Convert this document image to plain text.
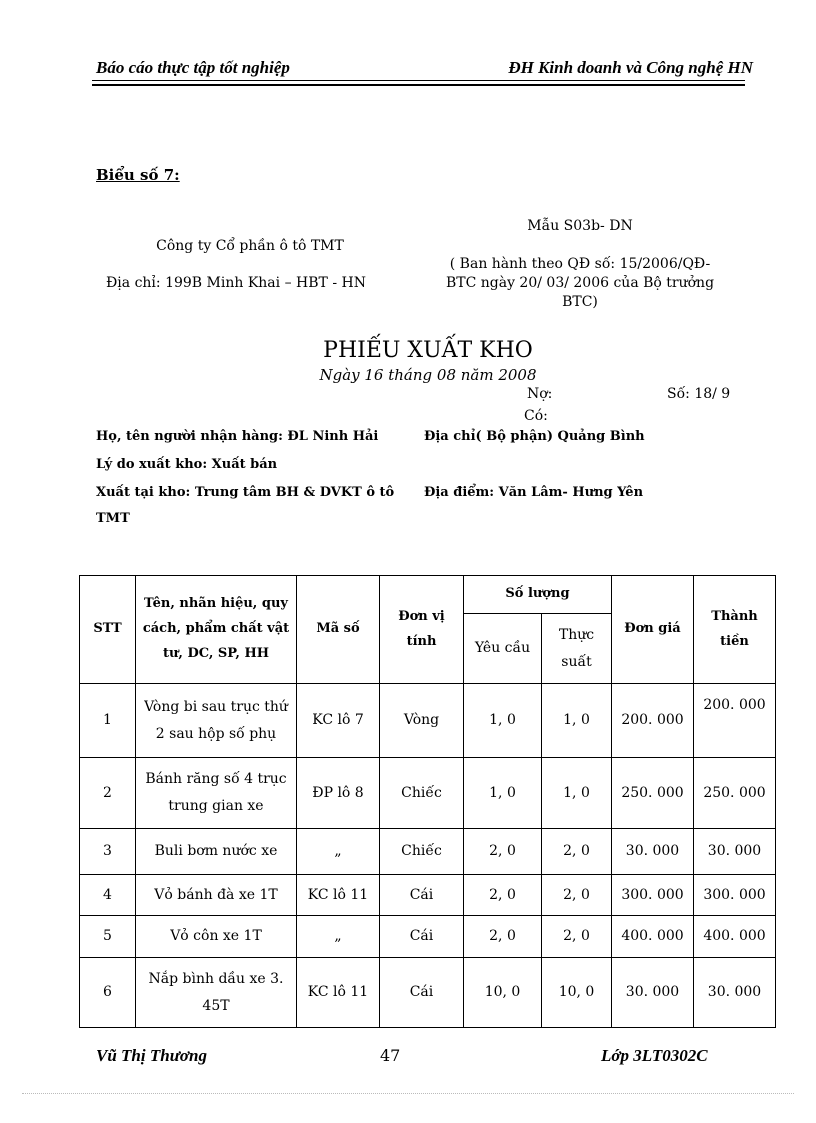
Báo cáo thực tập tốt nghiệp	ĐH Kinh doanh và Công nghệ HN
Biểu số 7:
Công ty Cổ phần ô tô TMT
Địa chỉ: 199B Minh Khai – HBT - HN
Mẫu S03b- DN
( Ban hành theo QĐ số: 15/2006/QĐ-
BTC ngày 20/ 03/ 2006 của Bộ trưởng
BTC)
PHIẾU XUẤT KHO
Ngày 16 tháng 08 năm 2008
Nợ:	Số: 18/ 9
Có:
Họ, tên người nhận hàng: ĐL Ninh Hải	Địa chỉ( Bộ phận) Quảng Bình
Lý do xuất kho: Xuất bán
Xuất tại kho: Trung tâm BH & DVKT ô tô
TMT
Địa điểm: Văn Lâm- Hưng Yên
STT	Tên, nhãn hiệu, quy cách, phẩm chất vật tư, DC, SP, HH	Mã số	Đơn vị tính	Số lượng		Đơn giá	Thành tiền
				Yêu cầu	Thực suất		
1	Vòng bi sau trục thứ 2 sau hộp số phụ	KC lô 7	Vòng	1, 0	1, 0	200. 000	200. 000
2	Bánh răng số 4 trục trung gian xe	ĐP lô 8	Chiếc	1, 0	1, 0	250. 000	250. 000
3	Buli bơm nước xe	„	Chiếc	2, 0	2, 0	30. 000	30. 000
4	Vỏ bánh đà xe 1T	KC lô 11	Cái	2, 0	2, 0	300. 000	300. 000
5	Vỏ côn xe 1T	„	Cái	2, 0	2, 0	400. 000	400. 000
6	Nắp bình dầu xe 3. 45T	KC lô 11	Cái	10, 0	10, 0	30. 000	30. 000
Vũ Thị Thương	47	Lớp 3LT0302C
